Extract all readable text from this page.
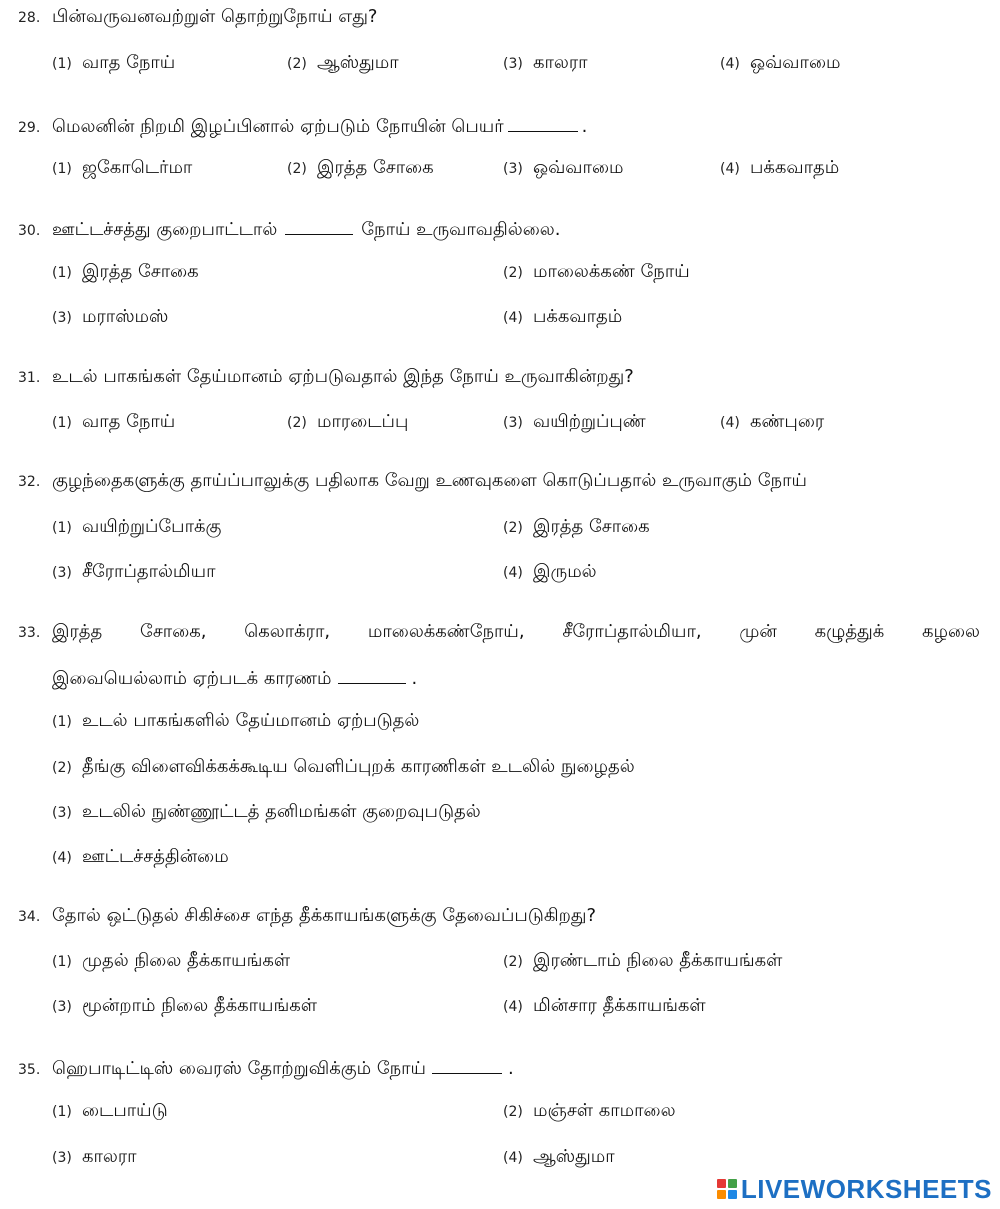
28. பின்வருவனவற்றுள் தொற்றுநோய் எது?
(1) வாத நோய்	(2) ஆஸ்துமா	(3) காலரா	(4) ஒவ்வாமை
29. மெலனின் நிறமி இழப்பினால் ஏற்படும் நோயின் பெயர்	.
(1) ஜகோடெர்மா	(2) இரத்த சோகை	(3) ஒவ்வாமை	(4) பக்கவாதம்
30. ஊட்டச்சத்து குறைபாட்டால்	நோய் உருவாவதில்லை.
(1) இரத்த சோகை	(2) மாலைக்கண் நோய்
(3) மராஸ்மஸ்	(4) பக்கவாதம்
31. உடல் பாகங்கள் தேய்மானம் ஏற்படுவதால் இந்த நோய் உருவாகின்றது?
(1) வாத நோய்	(2) மாரடைப்பு	(3) வயிற்றுப்புண்	(4) கண்புரை
32. குழந்தைகளுக்கு தாய்ப்பாலுக்கு பதிலாக வேறு உணவுகளை கொடுப்பதால் உருவாகும் நோய்
(1) வயிற்றுப்போக்கு	(2) இரத்த சோகை
(3) சீரோப்தால்மியா	(4) இருமல்
33. இரத்த சோகை, கெலாக்ரா, மாலைக்கண்நோய், சீரோப்தால்மியா, முன் கழுத்துக் கழலை
இவையெல்லாம் ஏற்படக் காரணம்	.
(1) உடல் பாகங்களில் தேய்மானம் ஏற்படுதல்
(2) தீங்கு விளைவிக்கக்கூடிய வெளிப்புறக் காரணிகள் உடலில் நுழைதல்
(3) உடலில் நுண்ணூட்டத் தனிமங்கள் குறைவுபடுதல்
(4) ஊட்டச்சத்தின்மை
34. தோல் ஒட்டுதல் சிகிச்சை எந்த தீக்காயங்களுக்கு தேவைப்படுகிறது?
(1) முதல் நிலை தீக்காயங்கள்	(2) இரண்டாம் நிலை தீக்காயங்கள்
(3) மூன்றாம் நிலை தீக்காயங்கள்	(4) மின்சார தீக்காயங்கள்
35. ஹெபாடிட்டிஸ் வைரஸ் தோற்றுவிக்கும் நோய்	.
(1) டைபாய்டு	(2) மஞ்சள் காமாலை
(3) காலரா	(4) ஆஸ்துமா
LIVEWORKSHEETS
